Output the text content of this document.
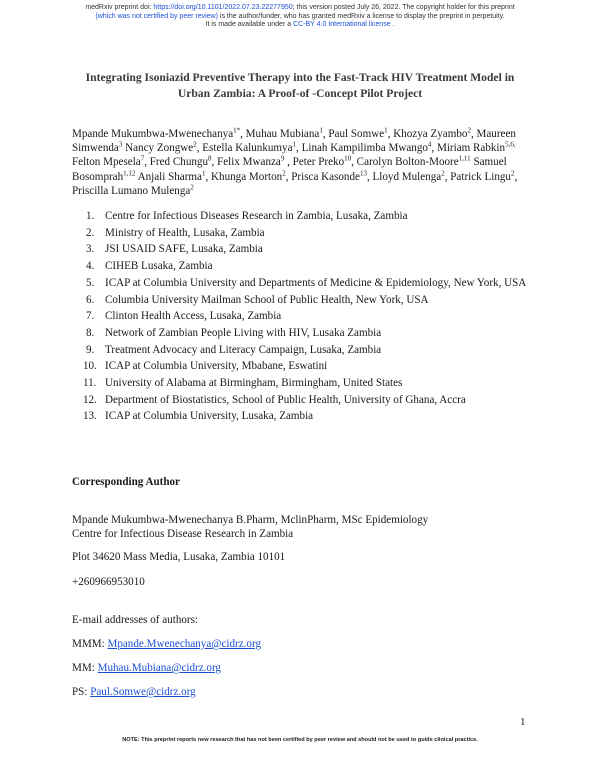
medRxiv preprint doi: https://doi.org/10.1101/2022.07.23.22277950; this version posted July 26, 2022. The copyright holder for this preprint
(which was not certified by peer review) is the author/funder, who has granted medRxiv a license to display the preprint in perpetuity.
It is made available under a CC-BY 4.0 International license .
Integrating Isoniazid Preventive Therapy into the Fast-Track HIV Treatment Model in
Urban Zambia: A Proof-of -Concept Pilot Project
Mpande Mukumbwa-Mwenechanya$^{1*}$, Muhau Mubiana$^1$, Paul Somwe$^1$, Khozya Zyambo$^2$, Maureen Simwenda$^3$ Nancy Zongwe$^2$, Estella Kalunkumya$^1$, Linah Kampilimba Mwango$^4$, Miriam Rabkin$^{5,6,}$ Felton Mpesela$^7$, Fred Chungu$^8$, Felix Mwanza$^9$ , Peter Preko$^{10}$, Carolyn Bolton-Moore$^{1,11}$ Samuel Bosomprah$^{1,12}$ Anjali Sharma$^1$, Khunga Morton$^2$, Prisca Kasonde$^{13}$, Lloyd Mulenga$^2$, Patrick Lingu$^2$, Priscilla Lumano Mulenga$^2$
1. Centre for Infectious Diseases Research in Zambia, Lusaka, Zambia
2. Ministry of Health, Lusaka, Zambia
3. JSI USAID SAFE, Lusaka, Zambia
4. CIHEB Lusaka, Zambia
5. ICAP at Columbia University and Departments of Medicine & Epidemiology, New York, USA
6. Columbia University Mailman School of Public Health, New York, USA
7. Clinton Health Access, Lusaka, Zambia
8. Network of Zambian People Living with HIV, Lusaka Zambia
9. Treatment Advocacy and Literacy Campaign, Lusaka, Zambia
10. ICAP at Columbia University, Mbabane, Eswatini
11. University of Alabama at Birmingham, Birmingham, United States
12. Department of Biostatistics, School of Public Health, University of Ghana, Accra
13. ICAP at Columbia University, Lusaka, Zambia
Corresponding Author
Mpande Mukumbwa-Mwenechanya B.Pharm, MclinPharm, MSc Epidemiology
Centre for Infectious Disease Research in Zambia
Plot 34620 Mass Media, Lusaka, Zambia 10101
+260966953010
E-mail addresses of authors:
MMM: Mpande.Mwenechanya@cidrz.org
MM: Muhau.Mubiana@cidrz.org
PS: Paul.Somwe@cidrz.org
1
NOTE: This preprint reports new research that has not been certified by peer review and should not be used to guide clinical practice.
